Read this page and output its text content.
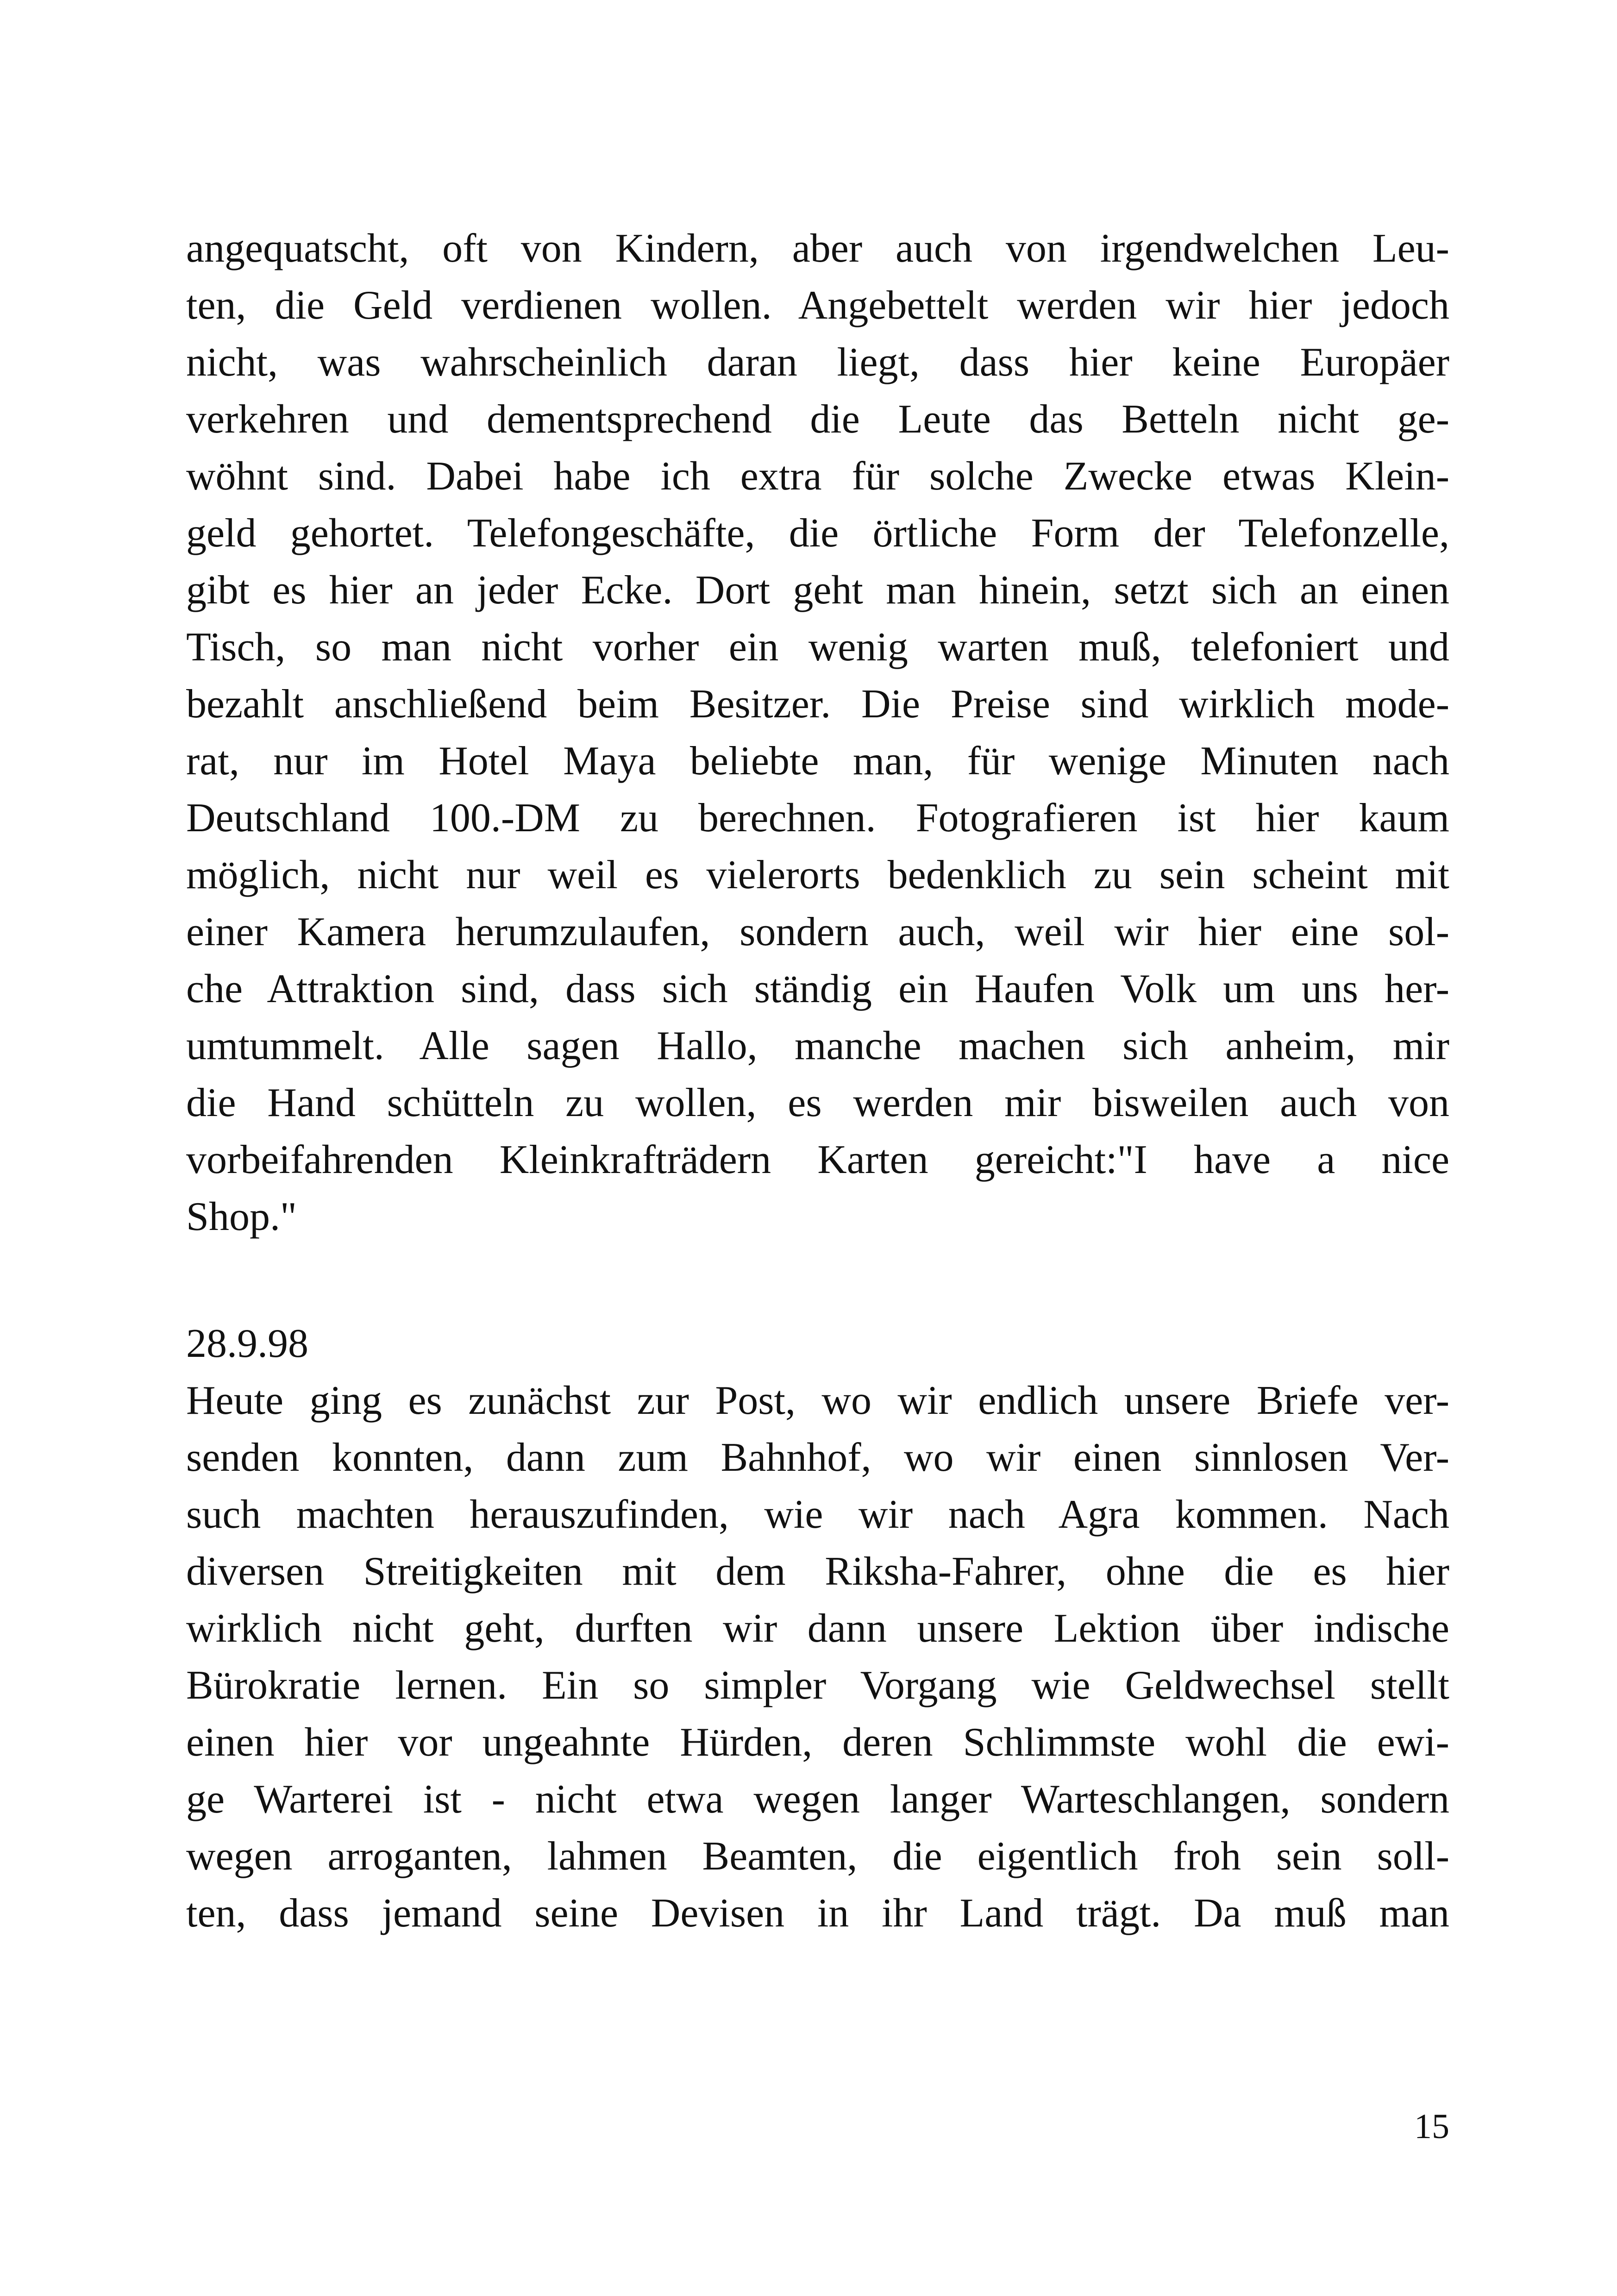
angequatscht, oft von Kindern, aber auch von irgendwelchen Leu-
ten, die Geld verdienen wollen. Angebettelt werden wir hier jedoch
nicht, was wahrscheinlich daran liegt, dass hier keine Europäer
verkehren und dementsprechend die Leute das Betteln nicht ge-
wöhnt sind. Dabei habe ich extra für solche Zwecke etwas Klein-
geld gehortet. Telefongeschäfte, die örtliche Form der Telefonzelle,
gibt es hier an jeder Ecke. Dort geht man hinein, setzt sich an einen
Tisch, so man nicht vorher ein wenig warten muß, telefoniert und
bezahlt anschließend beim Besitzer. Die Preise sind wirklich mode-
rat, nur im Hotel Maya beliebte man, für wenige Minuten nach
Deutschland 100.-DM zu berechnen. Fotografieren ist hier kaum
möglich, nicht nur weil es vielerorts bedenklich zu sein scheint mit
einer Kamera herumzulaufen, sondern auch, weil wir hier eine sol-
che Attraktion sind, dass sich ständig ein Haufen Volk um uns her-
umtummelt. Alle sagen Hallo, manche machen sich anheim, mir
die Hand schütteln zu wollen, es werden mir bisweilen auch von
vorbeifahrenden Kleinkrafträdern Karten gereicht:"I have a nice
Shop."
28.9.98
Heute ging es zunächst zur Post, wo wir endlich unsere Briefe ver-
senden konnten, dann zum Bahnhof, wo wir einen sinnlosen Ver-
such machten herauszufinden, wie wir nach Agra kommen. Nach
diversen Streitigkeiten mit dem Riksha-Fahrer, ohne die es hier
wirklich nicht geht, durften wir dann unsere Lektion über indische
Bürokratie lernen. Ein so simpler Vorgang wie Geldwechsel stellt
einen hier vor ungeahnte Hürden, deren Schlimmste wohl die ewi-
ge Warterei ist - nicht etwa wegen langer Warteschlangen, sondern
wegen arroganten, lahmen Beamten, die eigentlich froh sein soll-
ten, dass jemand seine Devisen in ihr Land trägt. Da muß man
15
